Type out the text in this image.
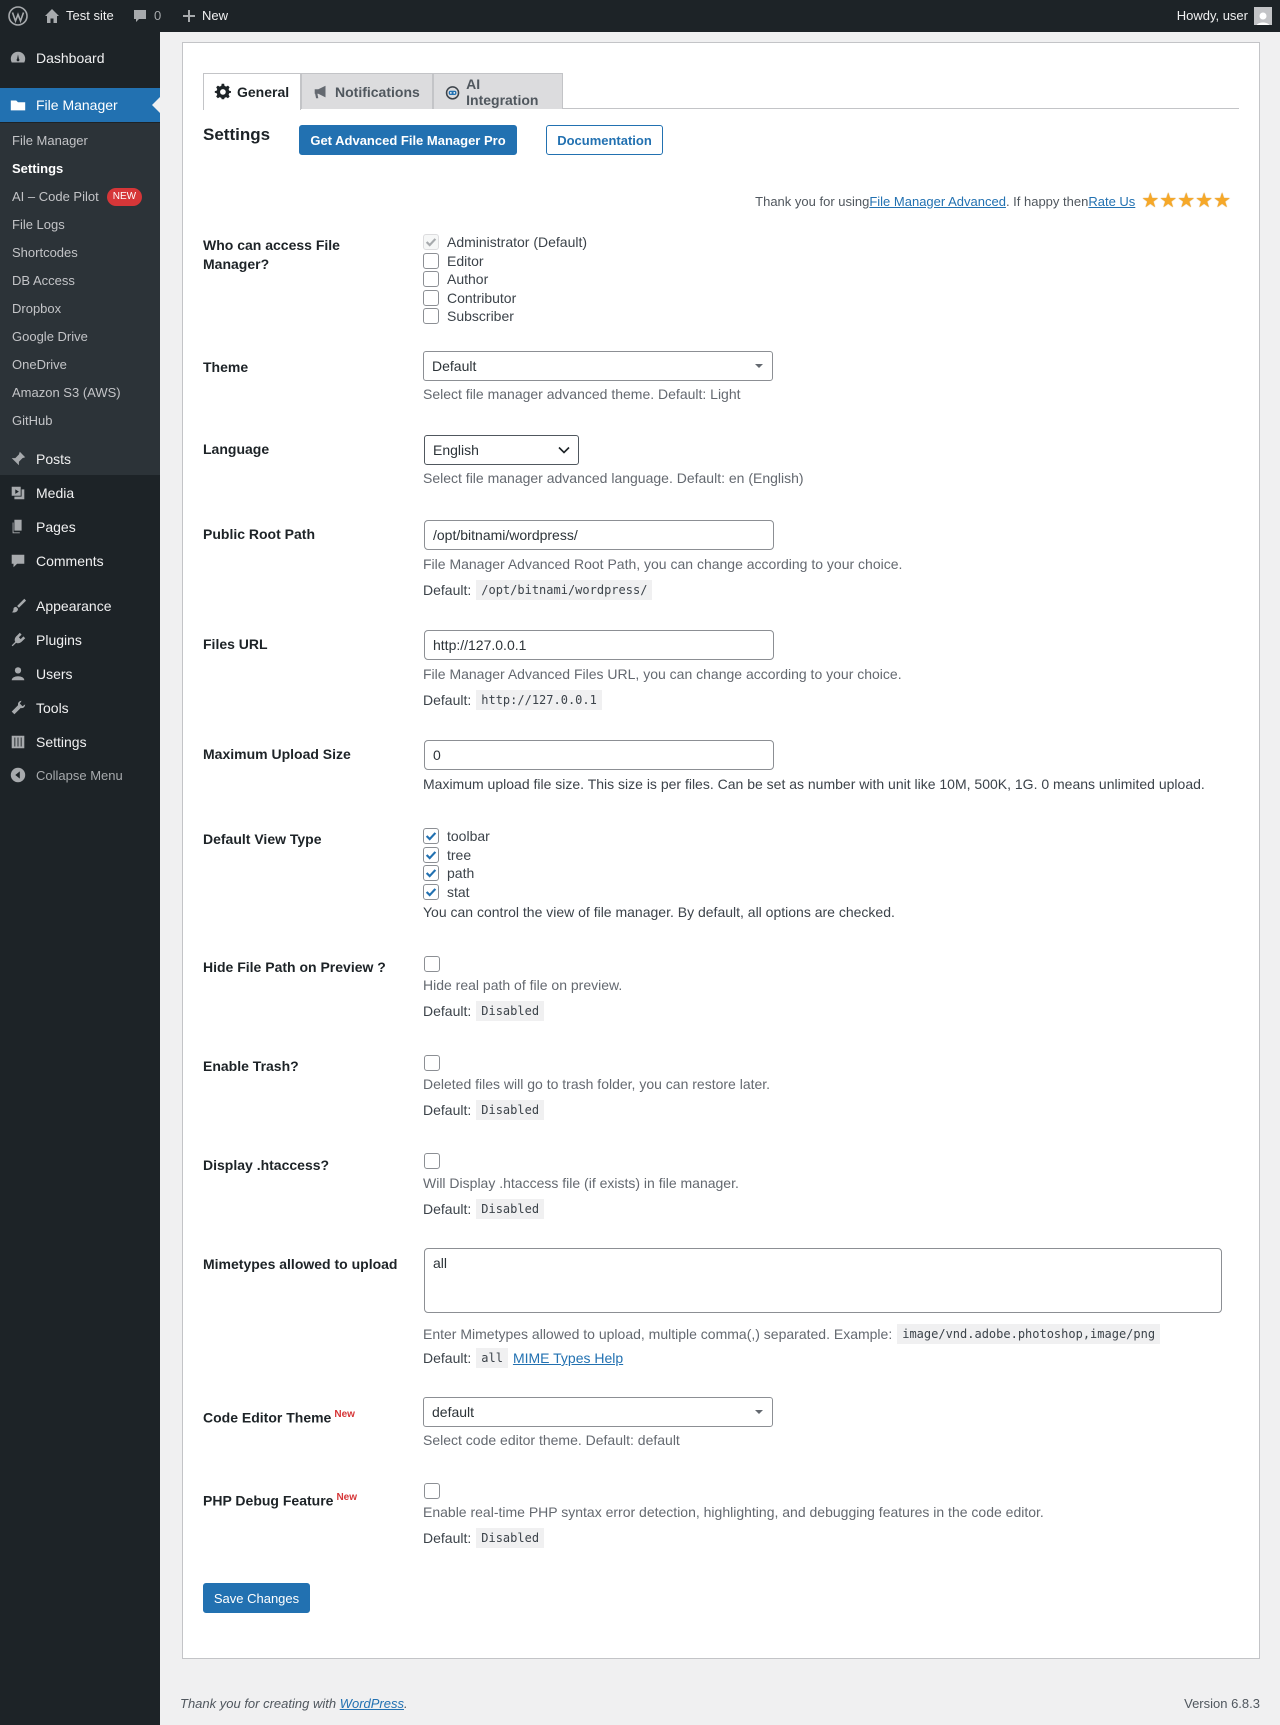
Test site	0	New	Howdy, user
Dashboard
File Manager
File Manager
Settings
AI – Code Pilot	NEW
File Logs
Shortcodes
DB Access
Dropbox
Google Drive
OneDrive
Amazon S3 (AWS)
GitHub
Posts
Media
Pages
Comments
Appearance
Plugins
Users
Tools
Settings
Collapse Menu
General	Notifications	AI Integration
Settings	Get Advanced File Manager Pro	Documentation
Thank you for using File Manager Advanced . If happy then Rate Us ★ ★ ★ ★ ★
Who can access File Manager?
Administrator (Default)
Editor
Author
Contributor
Subscriber
Theme	Default
Select file manager advanced theme. Default: Light
Language	English
Select file manager advanced language. Default: en (English)
Public Root Path	/opt/bitnami/wordpress/
File Manager Advanced Root Path, you can change according to your choice.
Default: /opt/bitnami/wordpress/
Files URL	http://127.0.0.1
File Manager Advanced Files URL, you can change according to your choice.
Default: http://127.0.0.1
Maximum Upload Size	0
Maximum upload file size. This size is per files. Can be set as number with unit like 10M, 500K, 1G. 0 means unlimited upload.
Default View Type	toolbar
tree
path
stat
You can control the view of file manager. By default, all options are checked.
Hide File Path on Preview ?
Hide real path of file on preview.
Default: Disabled
Enable Trash?
Deleted files will go to trash folder, you can restore later.
Default: Disabled
Display .htaccess?
Will Display .htaccess file (if exists) in file manager.
Default: Disabled
Mimetypes allowed to upload	all
Enter Mimetypes allowed to upload, multiple comma(,) separated. Example: image/vnd.adobe.photoshop,image/png
Default: all MIME Types Help
Code Editor Theme $^{New}$	default
Select code editor theme. Default: default
PHP Debug Feature $^{New}$
Enable real-time PHP syntax error detection, highlighting, and debugging features in the code editor.
Default: Disabled
Save Changes
Thank you for creating with WordPress.	Version 6.8.3
